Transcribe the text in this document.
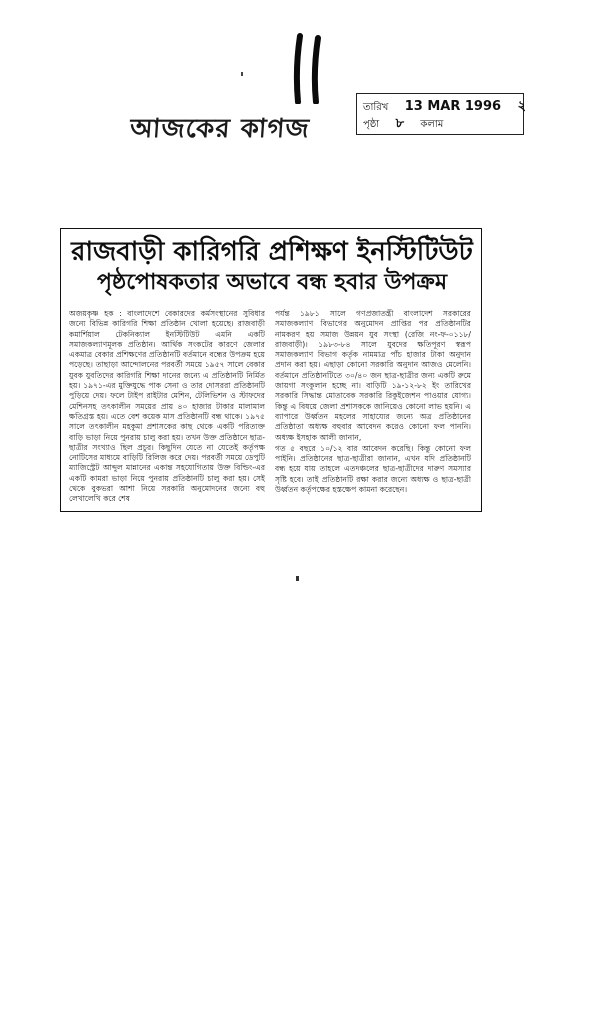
আজকের কাগজ
তারিখ 13 MAR 1996 ২
পৃষ্ঠা ৮ কলাম
রাজবাড়ী কারিগরি প্রশিক্ষণ ইনস্টিটিউট
পৃষ্ঠপোষকতার অভাবে বন্ধ হবার উপক্রম

অজয়কৃষ্ণ হক : বাংলাদেশে বেকারদের কর্মসংস্থানের সুবিধার জন্যে বিভিন্ন কারিগরি শিক্ষা প্রতিষ্ঠান খোলা হয়েছে। রাজবাড়ী কমার্শিয়াল টেকনিক্যাল ইনস্টিটিউট এমনি একটি সমাজকল্যাণমূলক প্রতিষ্ঠান। আর্থিক সংকটের কারণে জেলার একমাত্র বেকার প্রশিক্ষণের প্রতিষ্ঠানটি বর্তমানে বন্ধের উপক্রম হয়ে পড়েছে। তাছাড়া আন্দোলনের পরবর্তী সময়ে ১৯৫৭ সালে বেকার যুবক যুবতিদের কারিগরি শিক্ষা দানের জন্যে এ প্রতিষ্ঠানটি নির্মিত হয়। ১৯৭১-এর মুক্তিযুদ্ধে পাক সেনা ও তার দোসররা প্রতিষ্ঠানটি পুড়িয়ে দেয়। ফলে টাইপ রাইটার মেশিন, টেলিভিশন ও স্টাফদের মেশিনসহ তৎকালীন সময়ের প্রায় ৪০ হাজার টাকার মালামাল ক্ষতিগ্রস্ত হয়। এতে বেশ কয়েক মাস প্রতিষ্ঠানটি বন্ধ থাকে। ১৯৭৫ সালে তৎকালীন মহকুমা প্রশাসকের কাছ থেকে একটি পরিত্যক্ত বাড়ি ভাড়া নিয়ে পুনরায় চালু করা হয়। তখন উক্ত প্রতিষ্ঠানে ছাত্র-ছাত্রীর সংখ্যাও ছিল প্রচুর। কিছুদিন যেতে না যেতেই কর্তৃপক্ষ নোটিসের মাধ্যমে বাড়িটি রিলিজ করে দেয়। পরবর্তী সময়ে ডেপুটি ম্যাজিস্ট্রেট আব্দুল মান্নানের একান্ত সহযোগিতায় উক্ত বিল্ডিং-এর একটি কামরা ভাড়া নিয়ে পুনরায় প্রতিষ্ঠানটি চালু করা হয়। সেই থেকে বুকভরা আশা নিয়ে সরকারি অনুমোদনের জন্যে বহু লেখালেখি করে শেষ

পর্যন্ত ১৯৮১ সালে গণপ্রজাতন্ত্রী বাংলাদেশ সরকারের সমাজকল্যাণ বিভাগের অনুমোদন প্রাপ্তির পর প্রতিষ্ঠানটির নামকরণ হয় সমাজ উন্নয়ন যুব সংস্থা (রেজি নং-ফ-০১১৮/রাজবাড়ী)। ১৯৮৩-৮৪ সালে যুবদের ক্ষতিপূরণ স্বরূপ সমাজকল্যাণ বিভাগ কর্তৃক নামমাত্র পাঁচ হাজার টাকা অনুদান প্রদান করা হয়। এছাড়া কোনো সরকারি অনুদান আজও মেলেনি। বর্তমানে প্রতিষ্ঠানটিতে ৩০/৪০ জন ছাত্র-ছাত্রীর জন্য একটি রুমে জায়গা সংকুলান হচ্ছে না। বাড়িটি ১৯-১২-৮২ ইং তারিখের সরকারি সিদ্ধান্ত মোতাবেক সরকারি রিকুইজেশন পাওয়ার যোগ্য। কিন্তু এ বিষয়ে জেলা প্রশাসককে জানিয়েও কোনো লাভ হয়নি। এ ব্যাপারে উর্ধ্বতন মহলের সাহায্যের জন্যে অত্র প্রতিষ্ঠানের প্রতিষ্ঠাতা অধ্যক্ষ বহুবার আবেদন করেও কোনো ফল পাননি। অধ্যক্ষ ইসহাক আলী জানান,

গত ৫ বছরে ১০/১২ বার আবেদন করেছি। কিন্তু কোনো ফল পাইনি। প্রতিষ্ঠানের ছাত্র-ছাত্রীরা জানান, এখন যদি প্রতিষ্ঠানটি বন্ধ হয়ে যায় তাহলে এতদঞ্চলের ছাত্র-ছাত্রীদের দারুণ সমস্যার সৃষ্টি হবে। তাই প্রতিষ্ঠানটি রক্ষা করার জন্যে অধ্যক্ষ ও ছাত্র-ছাত্রী উর্ধ্বতন কর্তৃপক্ষের হস্তক্ষেপ কামনা করেছেন।
